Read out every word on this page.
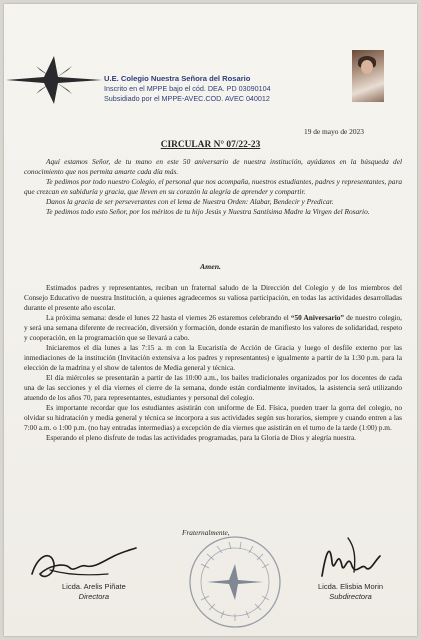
U.E. Colegio Nuestra Señora del Rosario
Inscrito en el MPPE bajo el cód. DEA. PD 03090104
Subsidiado por el MPPE-AVEC.COD. AVEC 040012
19 de mayo de 2023
CIRCULAR N° 07/22-23

Aquí estamos Señor, de tu mano en este 50 aniversario de nuestra institución, ayúdanos en la búsqueda del conocimiento que nos permita amarte cada día más.

Te pedimos por todo nuestro Colegio, el personal que nos acompaña, nuestros estudiantes, padres y representantes, para que crezcan en sabiduría y gracia, que lleven en su corazón la alegría de aprender y compartir.

Danos la gracia de ser perseverantes con el lema de Nuestra Orden: Alabar, Bendecir y Predicar.

Te pedimos todo esto Señor, por los méritos de tu hijo Jesús y Nuestra Santísima Madre la Virgen del Rosario.

Amen.

Estimados padres y representantes, reciban un fraternal saludo de la Dirección del Colegio y de los miembros del Consejo Educativo de nuestra Institución, a quienes agradecemos su valiosa participación, en todas las actividades desarrolladas durante el presente año escolar.

La próxima semana: desde el lunes 22 hasta el viernes 26 estaremos celebrando el “50 Aniversario” de nuestro colegio, y será una semana diferente de recreación, diversión y formación, donde estarán de manifiesto los valores de solidaridad, respeto y cooperación, en la programación que se llevará a cabo.

Iniciaremos el día lunes a las 7:15 a. m con la Eucaristía de Acción de Gracia y luego el desfile externo por las inmediaciones de la institución (Invitación extensiva a los padres y representantes) e igualmente a partir de la 1:30 p.m. para la elección de la madrina y el show de talentos de Media general y técnica.

El día miércoles se presentarán a partir de las 10:00 a.m., los bailes tradicionales organizados por los docentes de cada una de las secciones y el día viernes el cierre de la semana, donde están cordialmente invitados, la asistencia será utilizando atuendo de los años 70, para representantes, estudiantes y personal del colegio.

Es importante recordar que los estudiantes asistirán con uniforme de Ed. Física, pueden traer la gorra del colegio, no olvidar su hidratación y media general y técnica se incorpora a sus actividades según sus horarios, siempre y cuando entren a las 7:00 a.m. o 1:00 p.m. (no hay entradas intermedias) a excepción de día viernes que asistirán en el turno de la tarde (1:00) p.m.

Esperando el pleno disfrute de todas las actividades programadas, para la Gloria de Dios y alegría nuestra.

Fraternalmente,
Licda. Arelis Piñate
Directora
Licda. Elisbia Morin
Subdirectora
